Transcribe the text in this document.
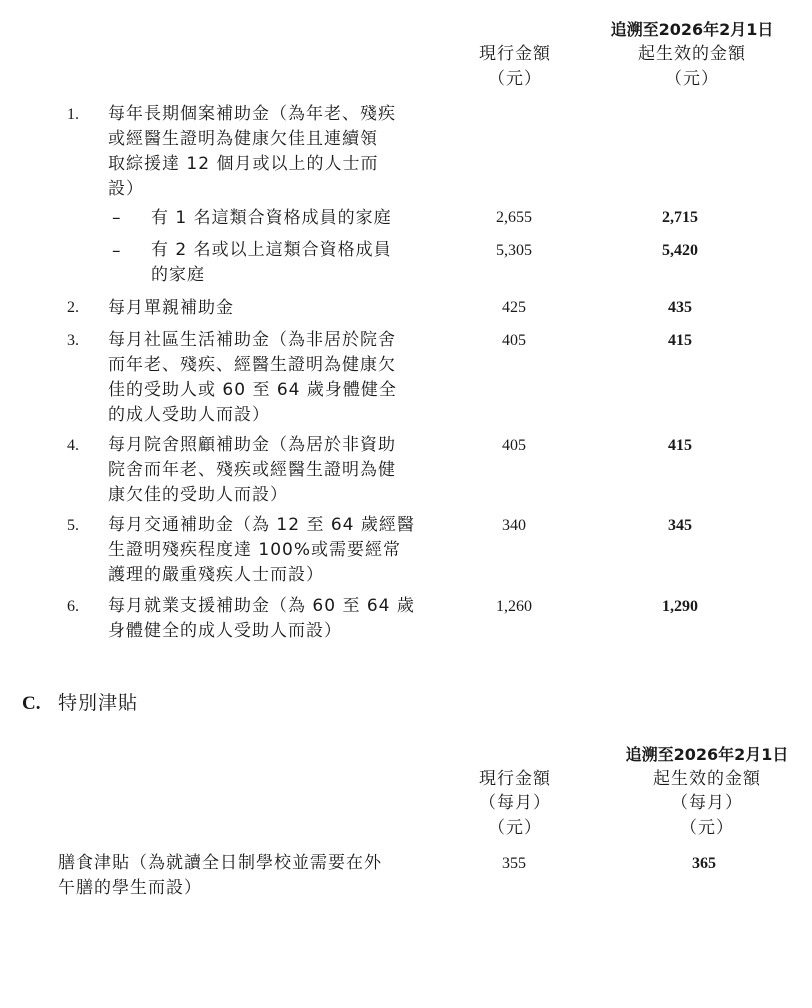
現行金額
（元）
追溯至2026年2月1日
起生效的金額
（元）
1. 每年長期個案補助金（為年老、殘疾
或經醫生證明為健康欠佳且連續領
取綜援達 12 個月或以上的人士而
設）
– 有 1 名這類合資格成員的家庭	2,655	2,715
– 有 2 名或以上這類合資格成員
的家庭
5,305	5,420
2. 每月單親補助金	425	435
3. 每月社區生活補助金（為非居於院舍
而年老、殘疾、經醫生證明為健康欠
佳的受助人或 60 至 64 歲身體健全
的成人受助人而設）
405	415
4. 每月院舍照顧補助金（為居於非資助
院舍而年老、殘疾或經醫生證明為健
康欠佳的受助人而設）
405	415
5. 每月交通補助金（為 12 至 64 歲經醫
生證明殘疾程度達 100%或需要經常
護理的嚴重殘疾人士而設）
340	345
6. 每月就業支援補助金（為 60 至 64 歲
身體健全的成人受助人而設）
1,260	1,290
C. 特別津貼
現行金額
（每月）
（元）
追溯至2026年2月1日
起生效的金額
（每月）
（元）
膳食津貼（為就讀全日制學校並需要在外
午膳的學生而設）
355	365
